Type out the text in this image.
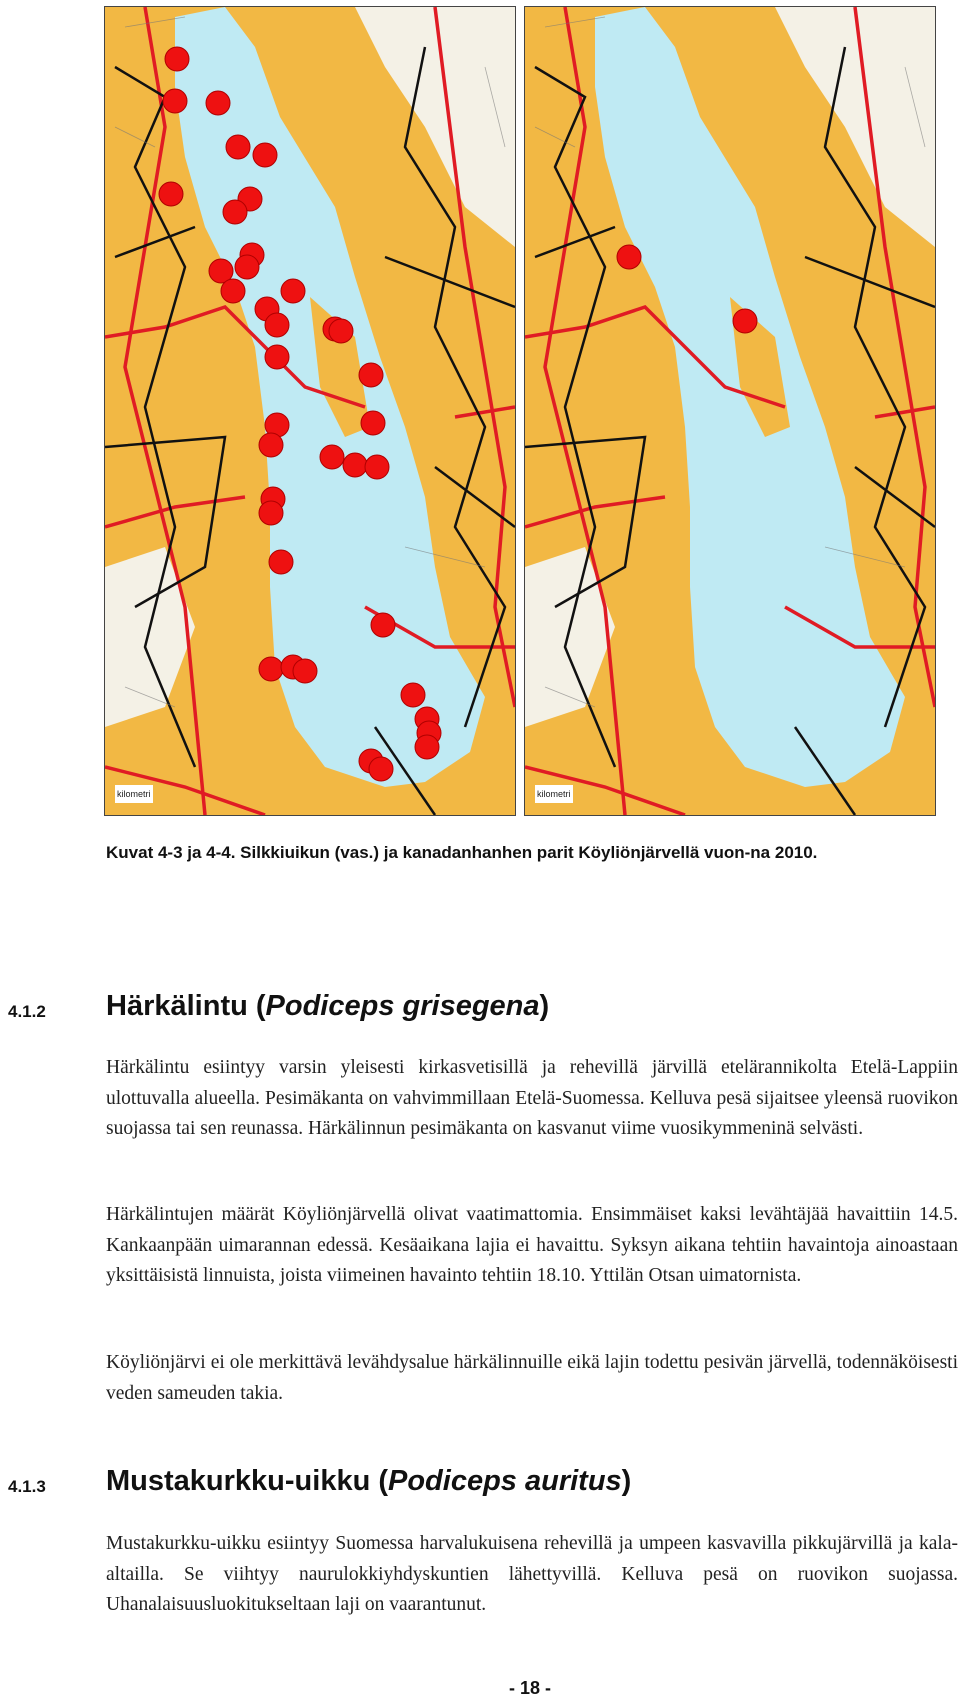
kilometri	kilometri
Kuvat 4-3 ja 4-4. Silkkiuikun (vas.) ja kanadanhanhen parit Köyliönjärvellä vuon-na 2010.
4.1.2 Härkälintu (Podiceps grisegena)
Härkälintu esiintyy varsin yleisesti kirkasvetisillä ja rehevillä järvillä etelärannikolta Etelä-Lappiin ulottuvalla alueella. Pesimäkanta on vahvimmillaan Etelä-Suomessa. Kelluva pesä sijaitsee yleensä ruovikon suojassa tai sen reunassa. Härkälinnun pesimäkanta on kasvanut viime vuosikymmeninä selvästi.
Härkälintujen määrät Köyliönjärvellä olivat vaatimattomia. Ensimmäiset kaksi levähtäjää havaittiin 14.5. Kankaanpään uimarannan edessä. Kesäaikana lajia ei havaittu. Syksyn aikana tehtiin havaintoja ainoastaan yksittäisistä linnuista, joista viimeinen havainto tehtiin 18.10. Yttilän Otsan uimatornista.
Köyliönjärvi ei ole merkittävä levähdysalue härkälinnuille eikä lajin todettu pesivän järvellä, todennäköisesti veden sameuden takia.
4.1.3 Mustakurkku-uikku (Podiceps auritus)
Mustakurkku-uikku esiintyy Suomessa harvalukuisena rehevillä ja umpeen kasvavilla pikkujärvillä ja kala-altailla. Se viihtyy naurulokkiyhdyskuntien lähettyvillä. Kelluva pesä on ruovikon suojassa. Uhanalaisuusluokitukseltaan laji on vaarantunut.
- 18 -
